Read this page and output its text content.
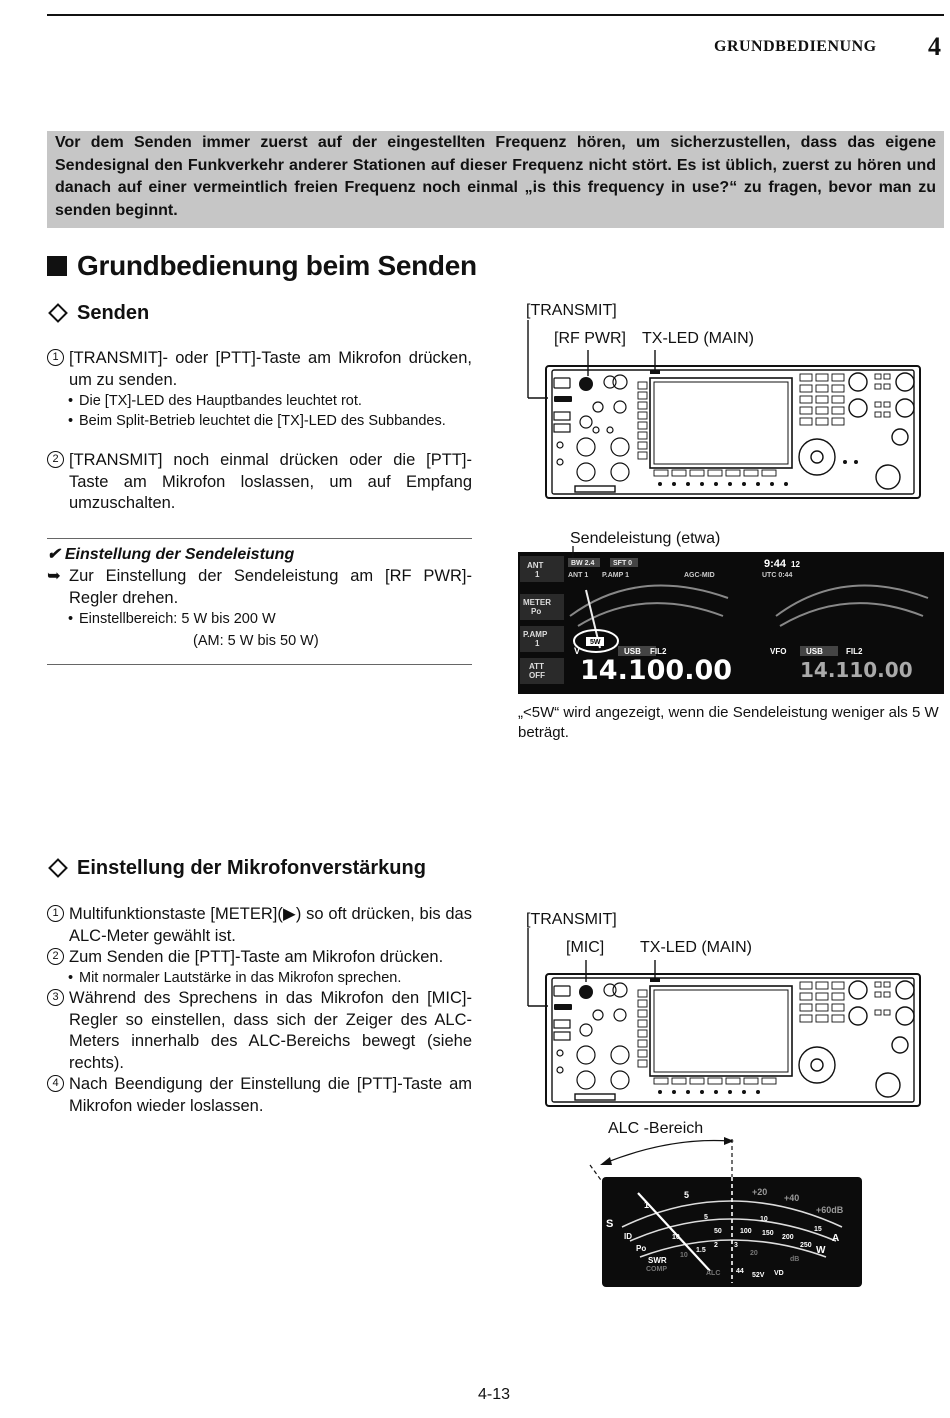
GRUNDBEDIENUNG 4
Vor dem Senden immer zuerst auf der eingestellten Frequenz hören, um sicherzustellen, dass das eigene Sendesignal den Funkverkehr anderer Stationen auf dieser Frequenz nicht stört. Es ist üblich, zuerst zu hören und danach auf einer vermeintlich freien Frequenz noch einmal „is this frequency in use?“ zu fragen, bevor man zu senden beginnt.
Grundbedienung beim Senden
Senden
1 [TRANSMIT]- oder [PTT]-Taste am Mikrofon drücken, um zu senden.
• Die [TX]-LED des Hauptbandes leuchtet rot.
• Beim Split-Betrieb leuchtet die [TX]-LED des Subbandes.
2 [TRANSMIT] noch einmal drücken oder die [PTT]-Taste am Mikrofon loslassen, um auf Empfang umzuschalten.
✔ Einstellung der Sendeleistung
➥ Zur Einstellung der Sendeleistung am [RF PWR]-Regler drehen.
• Einstellbereich: 5 W bis 200 W
(AM: 5 W bis 50 W)
[TRANSMIT]
[RF PWR] TX-LED (MAIN)
Sendeleistung (etwa)
ANT
1
METER
Po
P.AMP
1
ATT
OFF
BW 2.4	SFT 0
ANT 1 P.AMP 1	AGC-MID	UTC 0:44
9:44 12
5W
V	USB FIL2	VFO USB	FIL2
14.100.00	14.110.00
„<5W“ wird angezeigt, wenn die Sendeleistung weniger als 5 W beträgt.
Einstellung der Mikrofonverstärkung
1 Multifunktionstaste [METER](▶) so oft drücken, bis das ALC-Meter gewählt ist.
2 Zum Senden die [PTT]-Taste am Mikrofon drücken.
• Mit normaler Lautstärke in das Mikrofon sprechen.
3 Während des Sprechens in das Mikrofon den [MIC]-Regler so einstellen, dass sich der Zeiger des ALC-Meters innerhalb des ALC-Bereichs bewegt (siehe rechts).
4 Nach Beendigung der Einstellung die [PTT]-Taste am Mikrofon wieder loslassen.
[TRANSMIT]
[MIC] TX-LED (MAIN)
ALC -Bereich
S
1
5	+20
+40
+60dB
ID
Po
SWR
COMP
ALC
5	10
15
A
10
50	100 150
200
250 W
1.5
2 3
10	20
dB
44
52V VD
4-13
